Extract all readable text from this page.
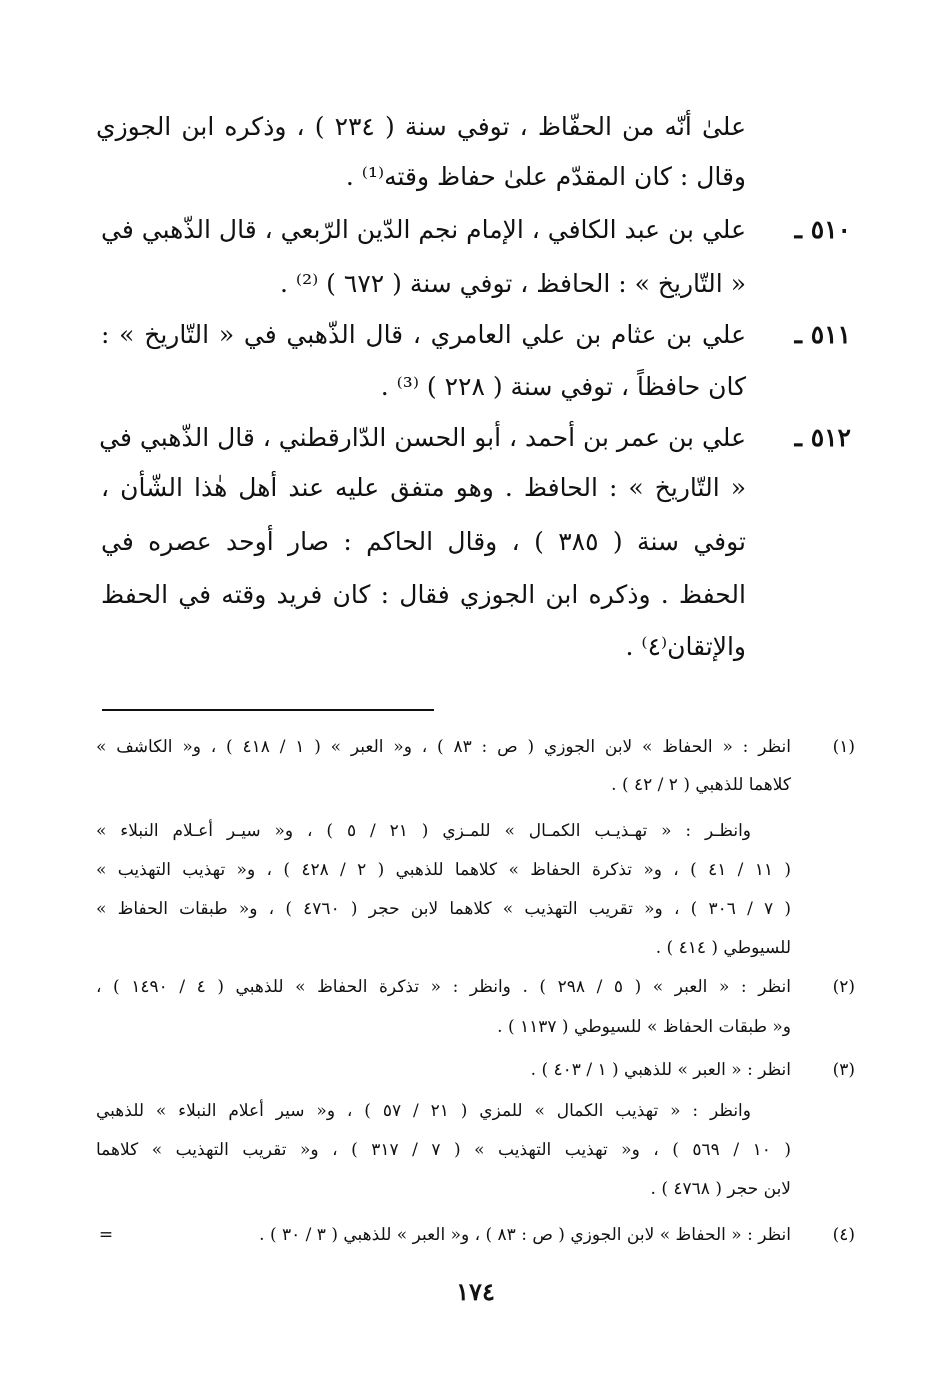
علىٰ أنّه من الحفّاظ ، توفي سنة ( ٢٣٤ ) ، وذكره ابن الجوزي
وقال : كان المقدّم علىٰ حفاظ وقته⁽¹⁾ .
٥١٠ ـ
علي بن عبد الكافي ، الإمام نجم الدّين الرّبعي ، قال الذّهبي في
« التّاريخ » : الحافظ ، توفي سنة ( ٦٧٢ ) ⁽²⁾ .
٥١١ ـ
علي بن عثام بن علي العامري ، قال الذّهبي في « التّاريخ » :
كان حافظاً ، توفي سنة ( ٢٢٨ ) ⁽³⁾ .
٥١٢ ـ
علي بن عمر بن أحمد ، أبو الحسن الدّارقطني ، قال الذّهبي في
« التّاريخ » : الحافظ . وهو متفق عليه عند أهل هٰذا الشّأن ،
توفي سنة ( ٣٨٥ ) ، وقال الحاكم : صار أوحد عصره في
الحفظ . وذكره ابن الجوزي فقال : كان فريد وقته في الحفظ
والإتقان⁽٤⁾ .
(١)
انظر : « الحفاظ » لابن الجوزي ( ص : ٨٣ ) ، و« العبر » ( ١ / ٤١٨ ) ، و« الكاشف »
كلاهما للذهبي ( ٢ / ٤٢ ) .
وانظـر : « تهـذيـب الكمـال » للمـزي ( ٢١ / ٥ ) ، و« سيـر أعـلام النبلاء »
( ١١ / ٤١ ) ، و« تذكرة الحفاظ » كلاهما للذهبي ( ٢ / ٤٢٨ ) ، و« تهذيب التهذيب »
( ٧ / ٣٠٦ ) ، و« تقريب التهذيب » كلاهما لابن حجر ( ٤٧٦٠ ) ، و« طبقات الحفاظ »
للسيوطي ( ٤١٤ ) .
(٢)
انظر : « العبر » ( ٥ / ٢٩٨ ) . وانظر : « تذكرة الحفاظ » للذهبي ( ٤ / ١٤٩٠ ) ،
و« طبقات الحفاظ » للسيوطي ( ١١٣٧ ) .
(٣)
انظر : « العبر » للذهبي ( ١ / ٤٠٣ ) .
وانظر : « تهذيب الكمال » للمزي ( ٢١ / ٥٧ ) ، و« سير أعلام النبلاء » للذهبي
( ١٠ / ٥٦٩ ) ، و« تهذيب التهذيب » ( ٧ / ٣١٧ ) ، و« تقريب التهذيب » كلاهما
لابن حجر ( ٤٧٦٨ ) .
(٤)
انظر : « الحفاظ » لابن الجوزي ( ص : ٨٣ ) ، و« العبر » للذهبي ( ٣ / ٣٠ ) .
=
١٧٤
